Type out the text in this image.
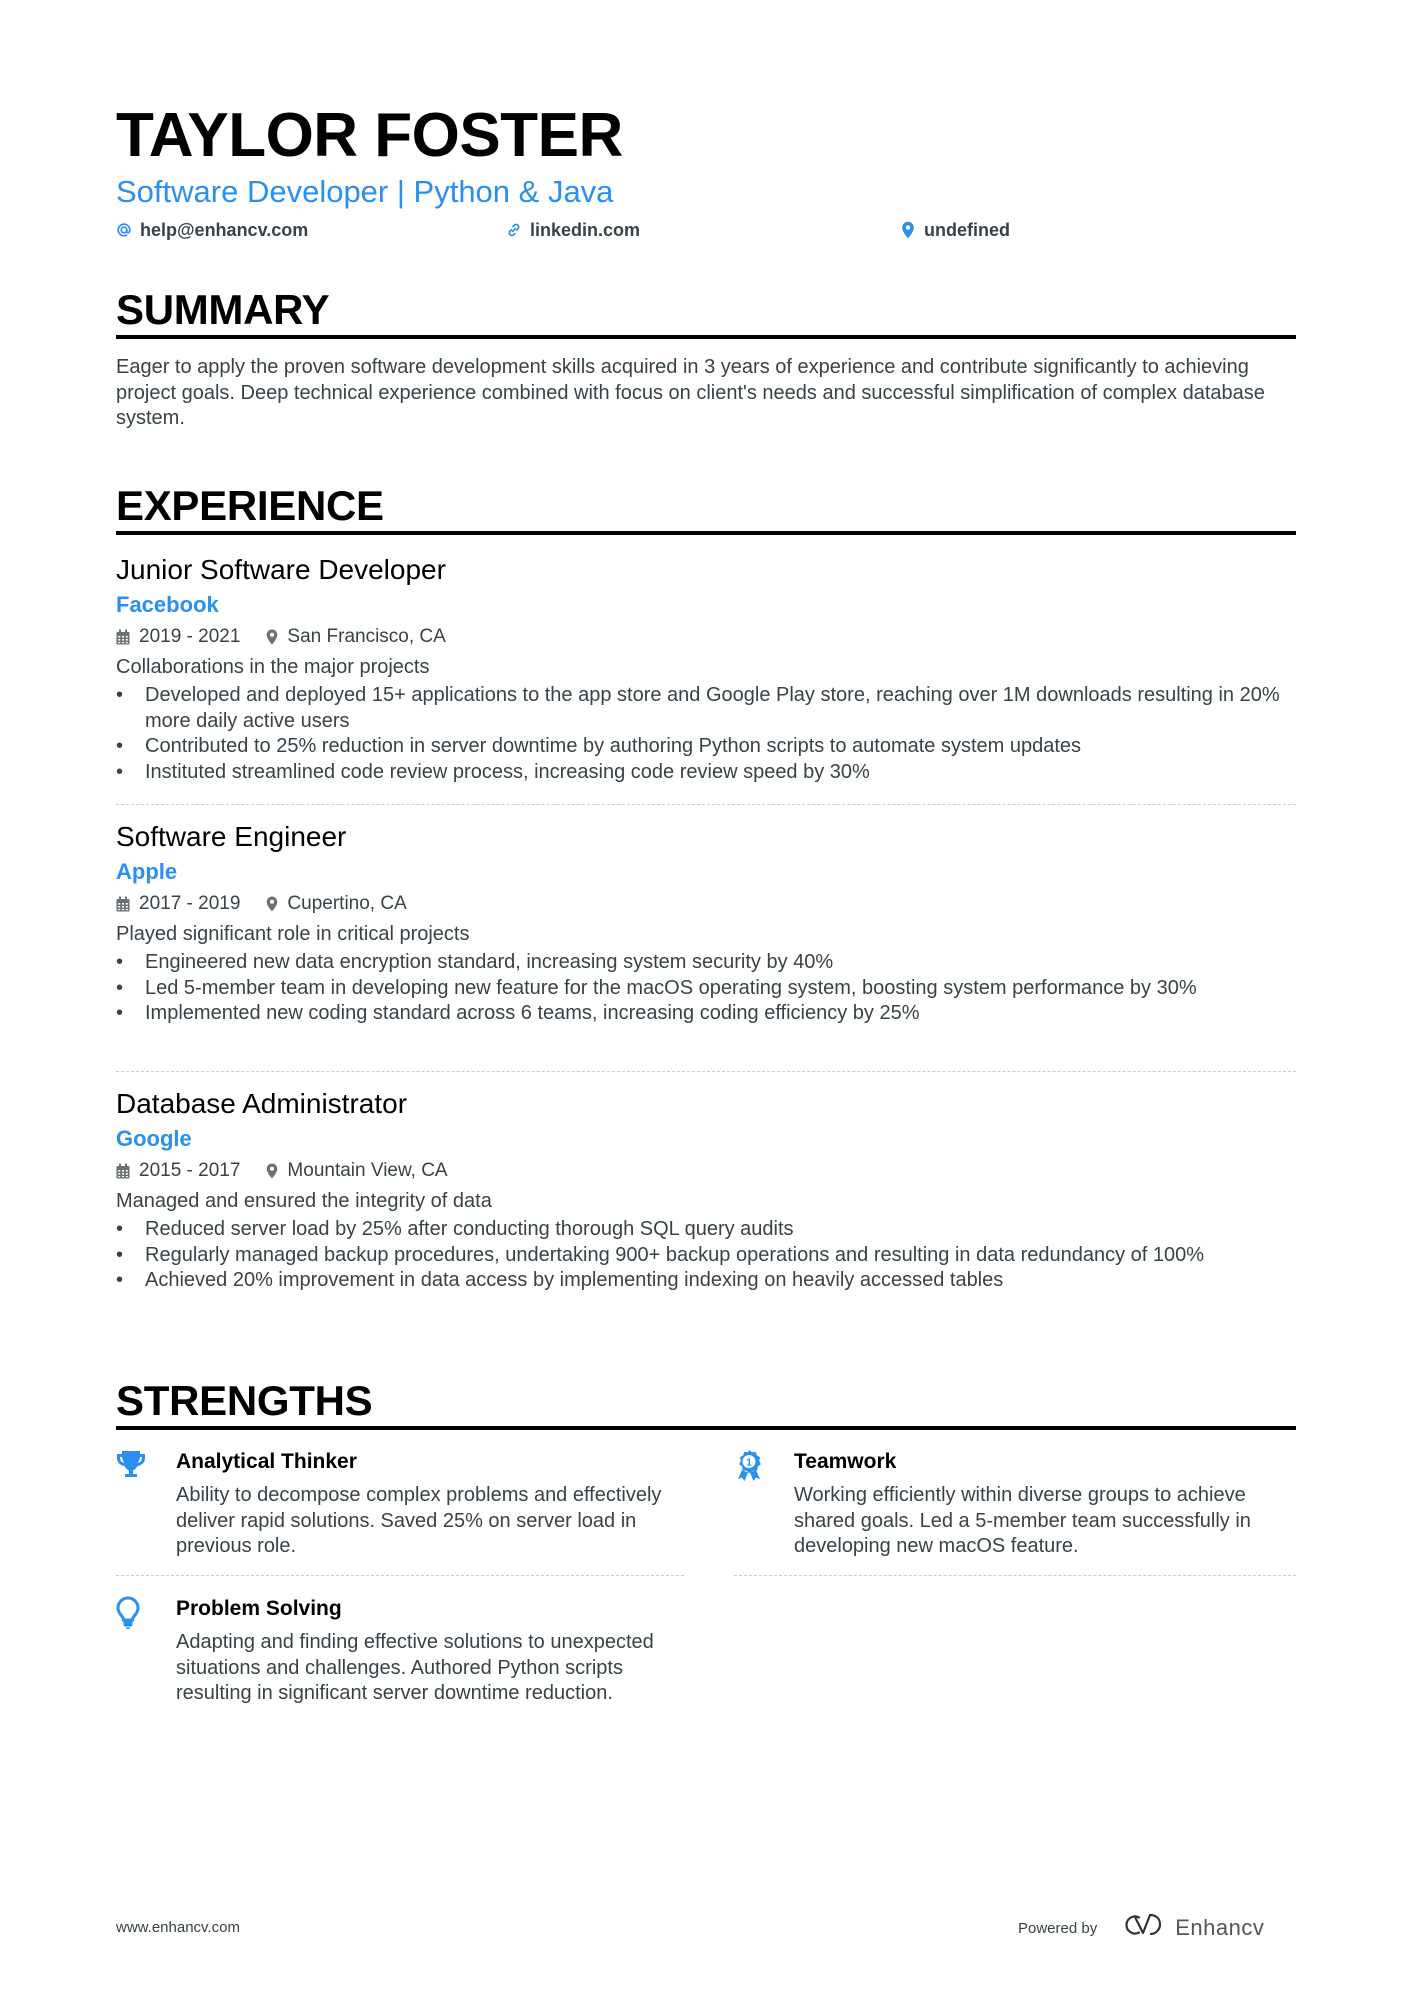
TAYLOR FOSTER
Software Developer | Python & Java
help@enhancv.com	linkedin.com	undefined
SUMMARY
Eager to apply the proven software development skills acquired in 3 years of experience and contribute significantly to achieving project goals. Deep technical experience combined with focus on client's needs and successful simplification of complex database system.
EXPERIENCE
Junior Software Developer
Facebook
2019 - 2021 San Francisco, CA
Collaborations in the major projects
• Developed and deployed 15+ applications to the app store and Google Play store, reaching over 1M downloads resulting in 20% more daily active users
• Contributed to 25% reduction in server downtime by authoring Python scripts to automate system updates
• Instituted streamlined code review process, increasing code review speed by 30%
Software Engineer
Apple
2017 - 2019 Cupertino, CA
Played significant role in critical projects
• Engineered new data encryption standard, increasing system security by 40%
• Led 5-member team in developing new feature for the macOS operating system, boosting system performance by 30%
• Implemented new coding standard across 6 teams, increasing coding efficiency by 25%
Database Administrator
Google
2015 - 2017 Mountain View, CA
Managed and ensured the integrity of data
• Reduced server load by 25% after conducting thorough SQL query audits
• Regularly managed backup procedures, undertaking 900+ backup operations and resulting in data redundancy of 100%
• Achieved 20% improvement in data access by implementing indexing on heavily accessed tables
STRENGTHS
Analytical Thinker
Ability to decompose complex problems and effectively deliver rapid solutions. Saved 25% on server load in previous role.
1 Teamwork
Working efficiently within diverse groups to achieve shared goals. Led a 5-member team successfully in developing new macOS feature.
Problem Solving
Adapting and finding effective solutions to unexpected situations and challenges. Authored Python scripts resulting in significant server downtime reduction.
www.enhancv.com	Powered by	Enhancv
